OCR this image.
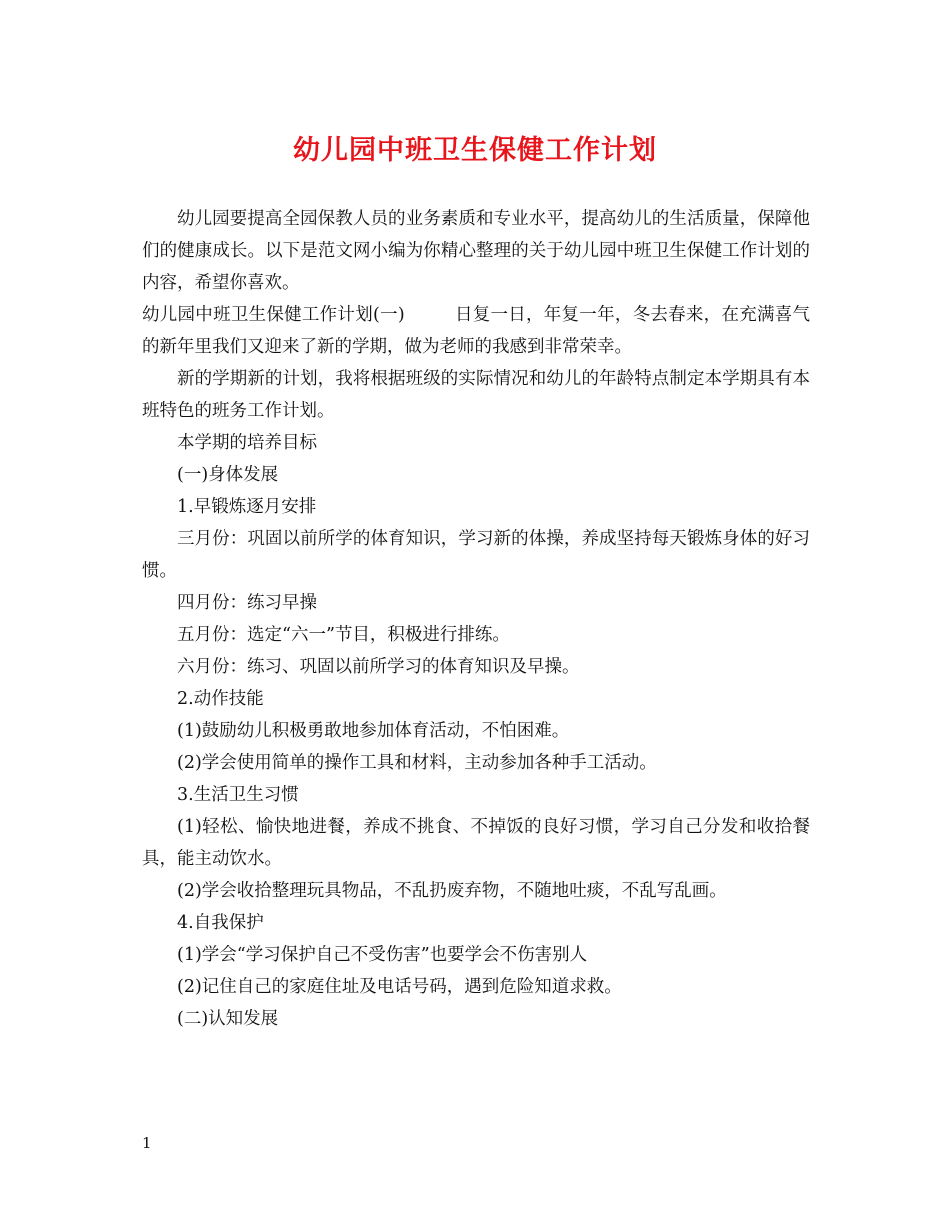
幼儿园中班卫生保健工作计划

幼儿园要提高全园保教人员的业务素质和专业水平，提高幼儿的生活质量，保障他们的健康成长。以下是范文网小编为你精心整理的关于幼儿园中班卫生保健工作计划的内容，希望你喜欢。

幼儿园中班卫生保健工作计划(一)	日复一日，年复一年，冬去春来，在充满喜气的新年里我们又迎来了新的学期，做为老师的我感到非常荣幸。

新的学期新的计划，我将根据班级的实际情况和幼儿的年龄特点制定本学期具有本班特色的班务工作计划。

本学期的培养目标

(一)身体发展

1.早锻炼逐月安排

三月份：巩固以前所学的体育知识，学习新的体操，养成坚持每天锻炼身体的好习惯。

四月份：练习早操

五月份：选定“六一”节目，积极进行排练。

六月份：练习、巩固以前所学习的体育知识及早操。

2.动作技能

(1)鼓励幼儿积极勇敢地参加体育活动，不怕困难。

(2)学会使用简单的操作工具和材料，主动参加各种手工活动。

3.生活卫生习惯

(1)轻松、愉快地进餐，养成不挑食、不掉饭的良好习惯，学习自己分发和收拾餐具，能主动饮水。

(2)学会收拾整理玩具物品，不乱扔废弃物，不随地吐痰，不乱写乱画。

4.自我保护

(1)学会“学习保护自己不受伤害”也要学会不伤害别人

(2)记住自己的家庭住址及电话号码，遇到危险知道求救。

(二)认知发展

1
